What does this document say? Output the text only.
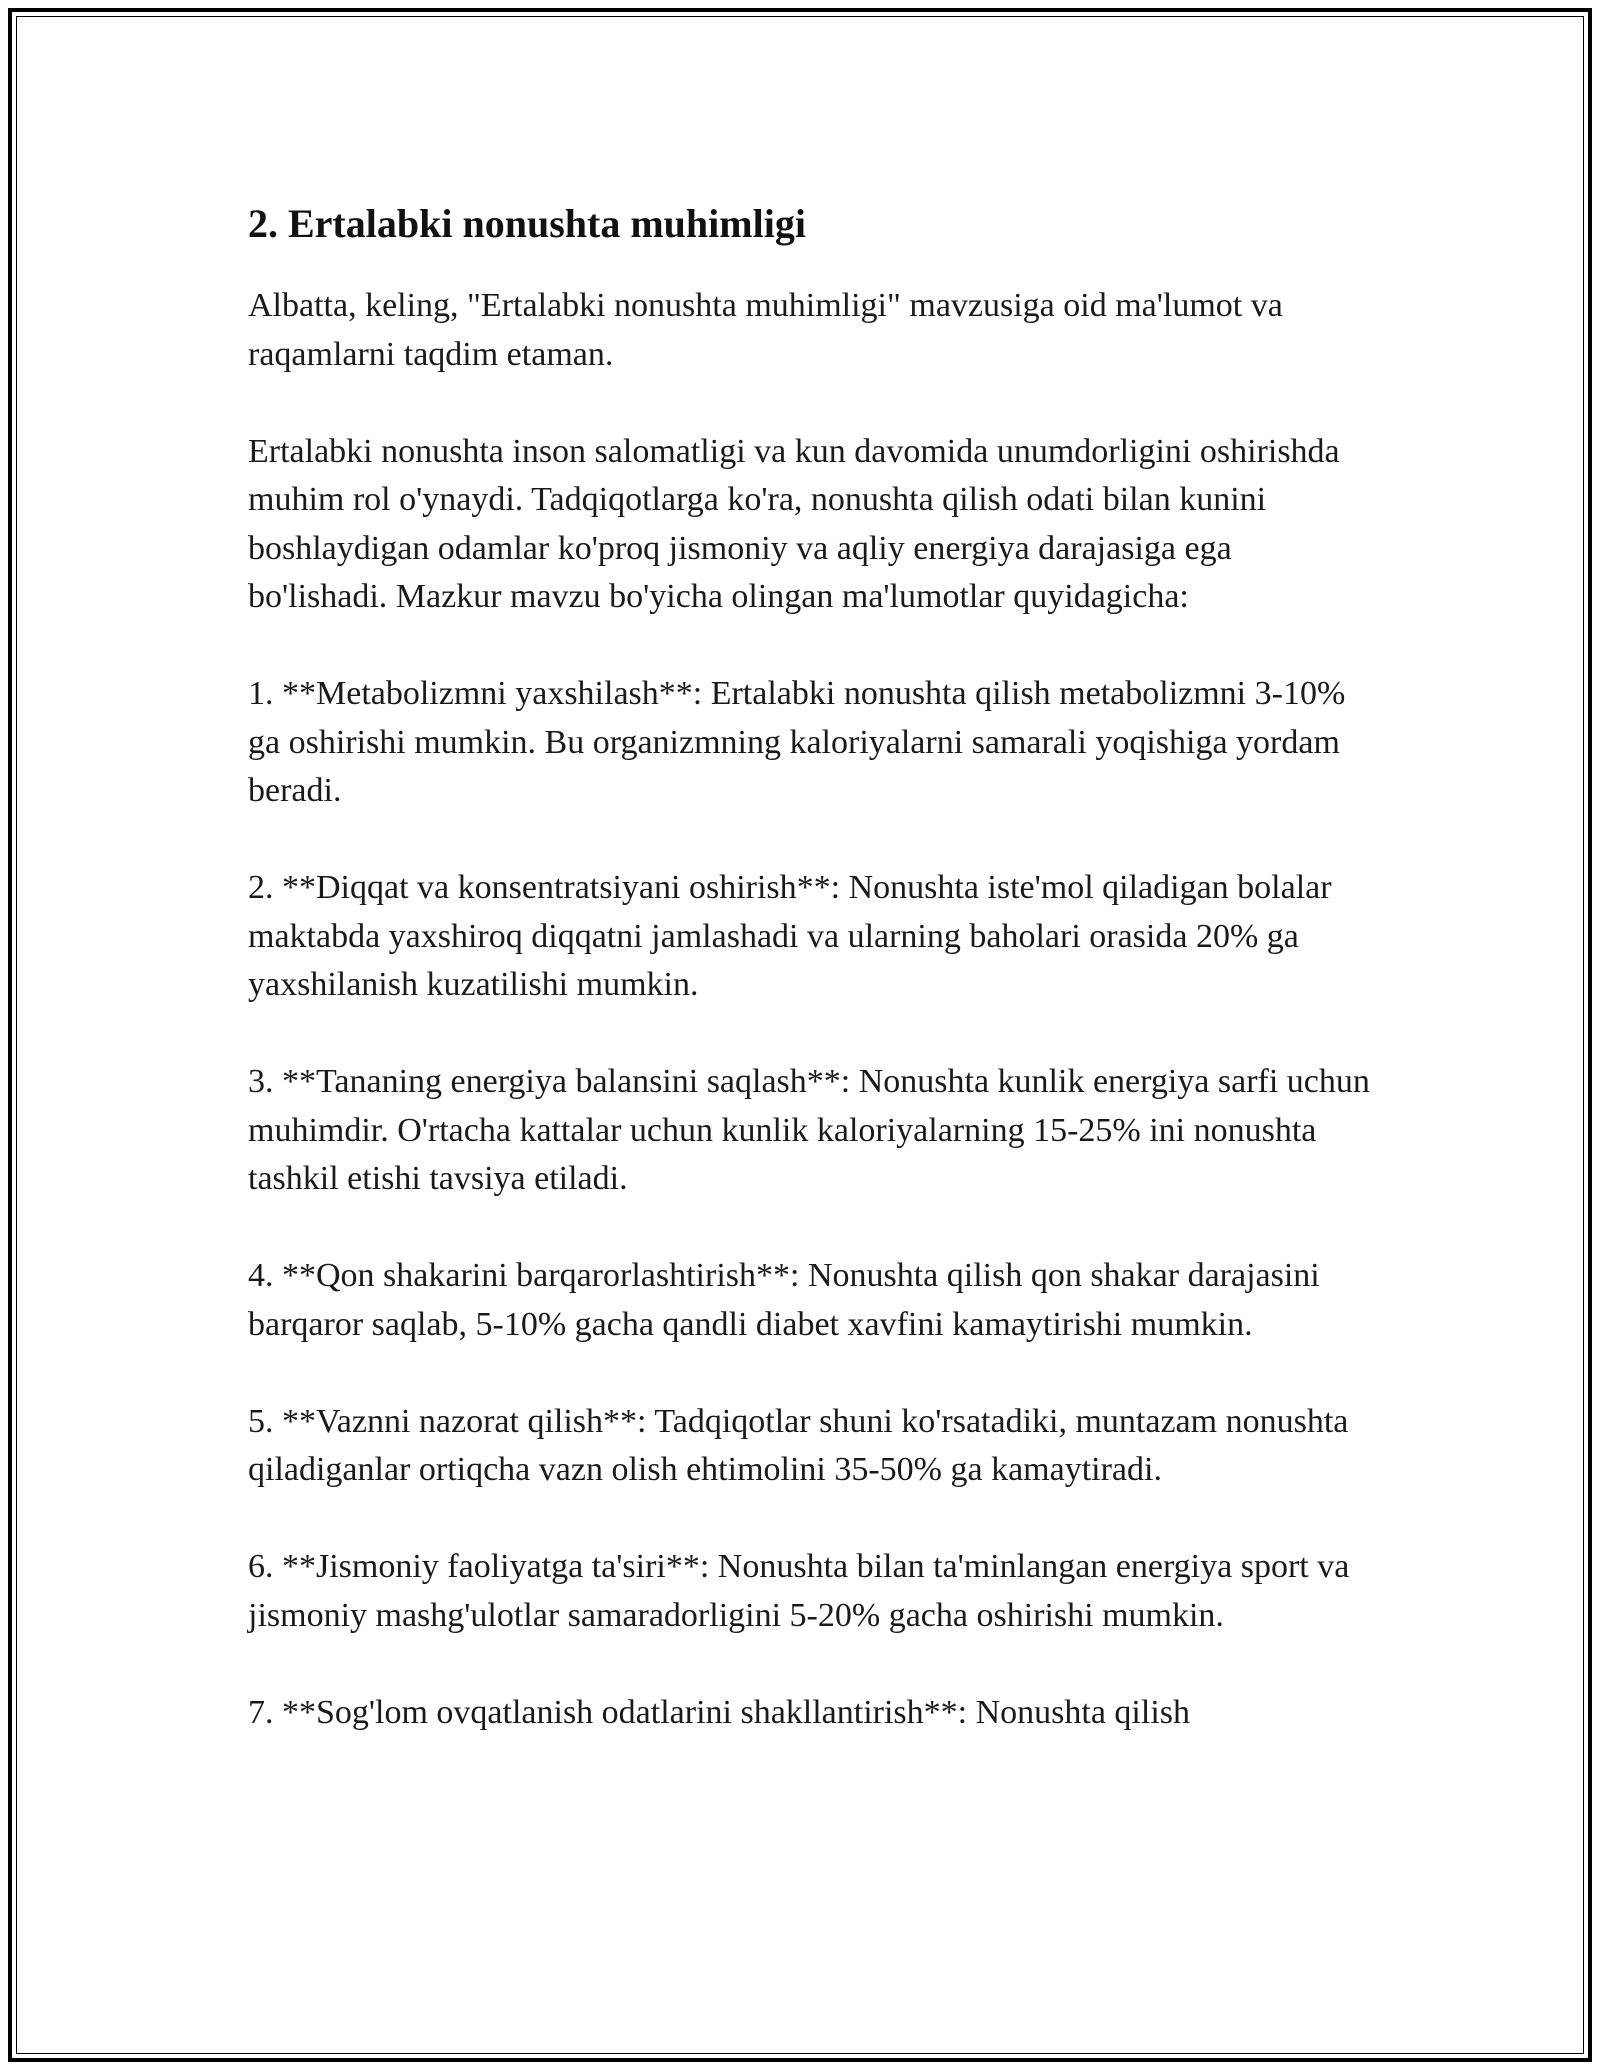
2. Ertalabki nonushta muhimligi

Albatta, keling, "Ertalabki nonushta muhimligi" mavzusiga oid ma'lumot va raqamlarni taqdim etaman.

Ertalabki nonushta inson salomatligi va kun davomida unumdorligini oshirishda muhim rol o'ynaydi. Tadqiqotlarga ko'ra, nonushta qilish odati bilan kunini boshlaydigan odamlar ko'proq jismoniy va aqliy energiya darajasiga ega bo'lishadi. Mazkur mavzu bo'yicha olingan ma'lumotlar quyidagicha:

1. **Metabolizmni yaxshilash**: Ertalabki nonushta qilish metabolizmni 3-10% ga oshirishi mumkin. Bu organizmning kaloriyalarni samarali yoqishiga yordam beradi.

2. **Diqqat va konsentratsiyani oshirish**: Nonushta iste'mol qiladigan bolalar maktabda yaxshiroq diqqatni jamlashadi va ularning baholari orasida 20% ga yaxshilanish kuzatilishi mumkin.

3. **Tananing energiya balansini saqlash**: Nonushta kunlik energiya sarfi uchun muhimdir. O'rtacha kattalar uchun kunlik kaloriyalarning 15-25% ini nonushta tashkil etishi tavsiya etiladi.

4. **Qon shakarini barqarorlashtirish**: Nonushta qilish qon shakar darajasini barqaror saqlab, 5-10% gacha qandli diabet xavfini kamaytirishi mumkin.

5. **Vaznni nazorat qilish**: Tadqiqotlar shuni ko'rsatadiki, muntazam nonushta qiladiganlar ortiqcha vazn olish ehtimolini 35-50% ga kamaytiradi.

6. **Jismoniy faoliyatga ta'siri**: Nonushta bilan ta'minlangan energiya sport va jismoniy mashg'ulotlar samaradorligini 5-20% gacha oshirishi mumkin.

7. **Sog'lom ovqatlanish odatlarini shakllantirish**: Nonushta qilish
